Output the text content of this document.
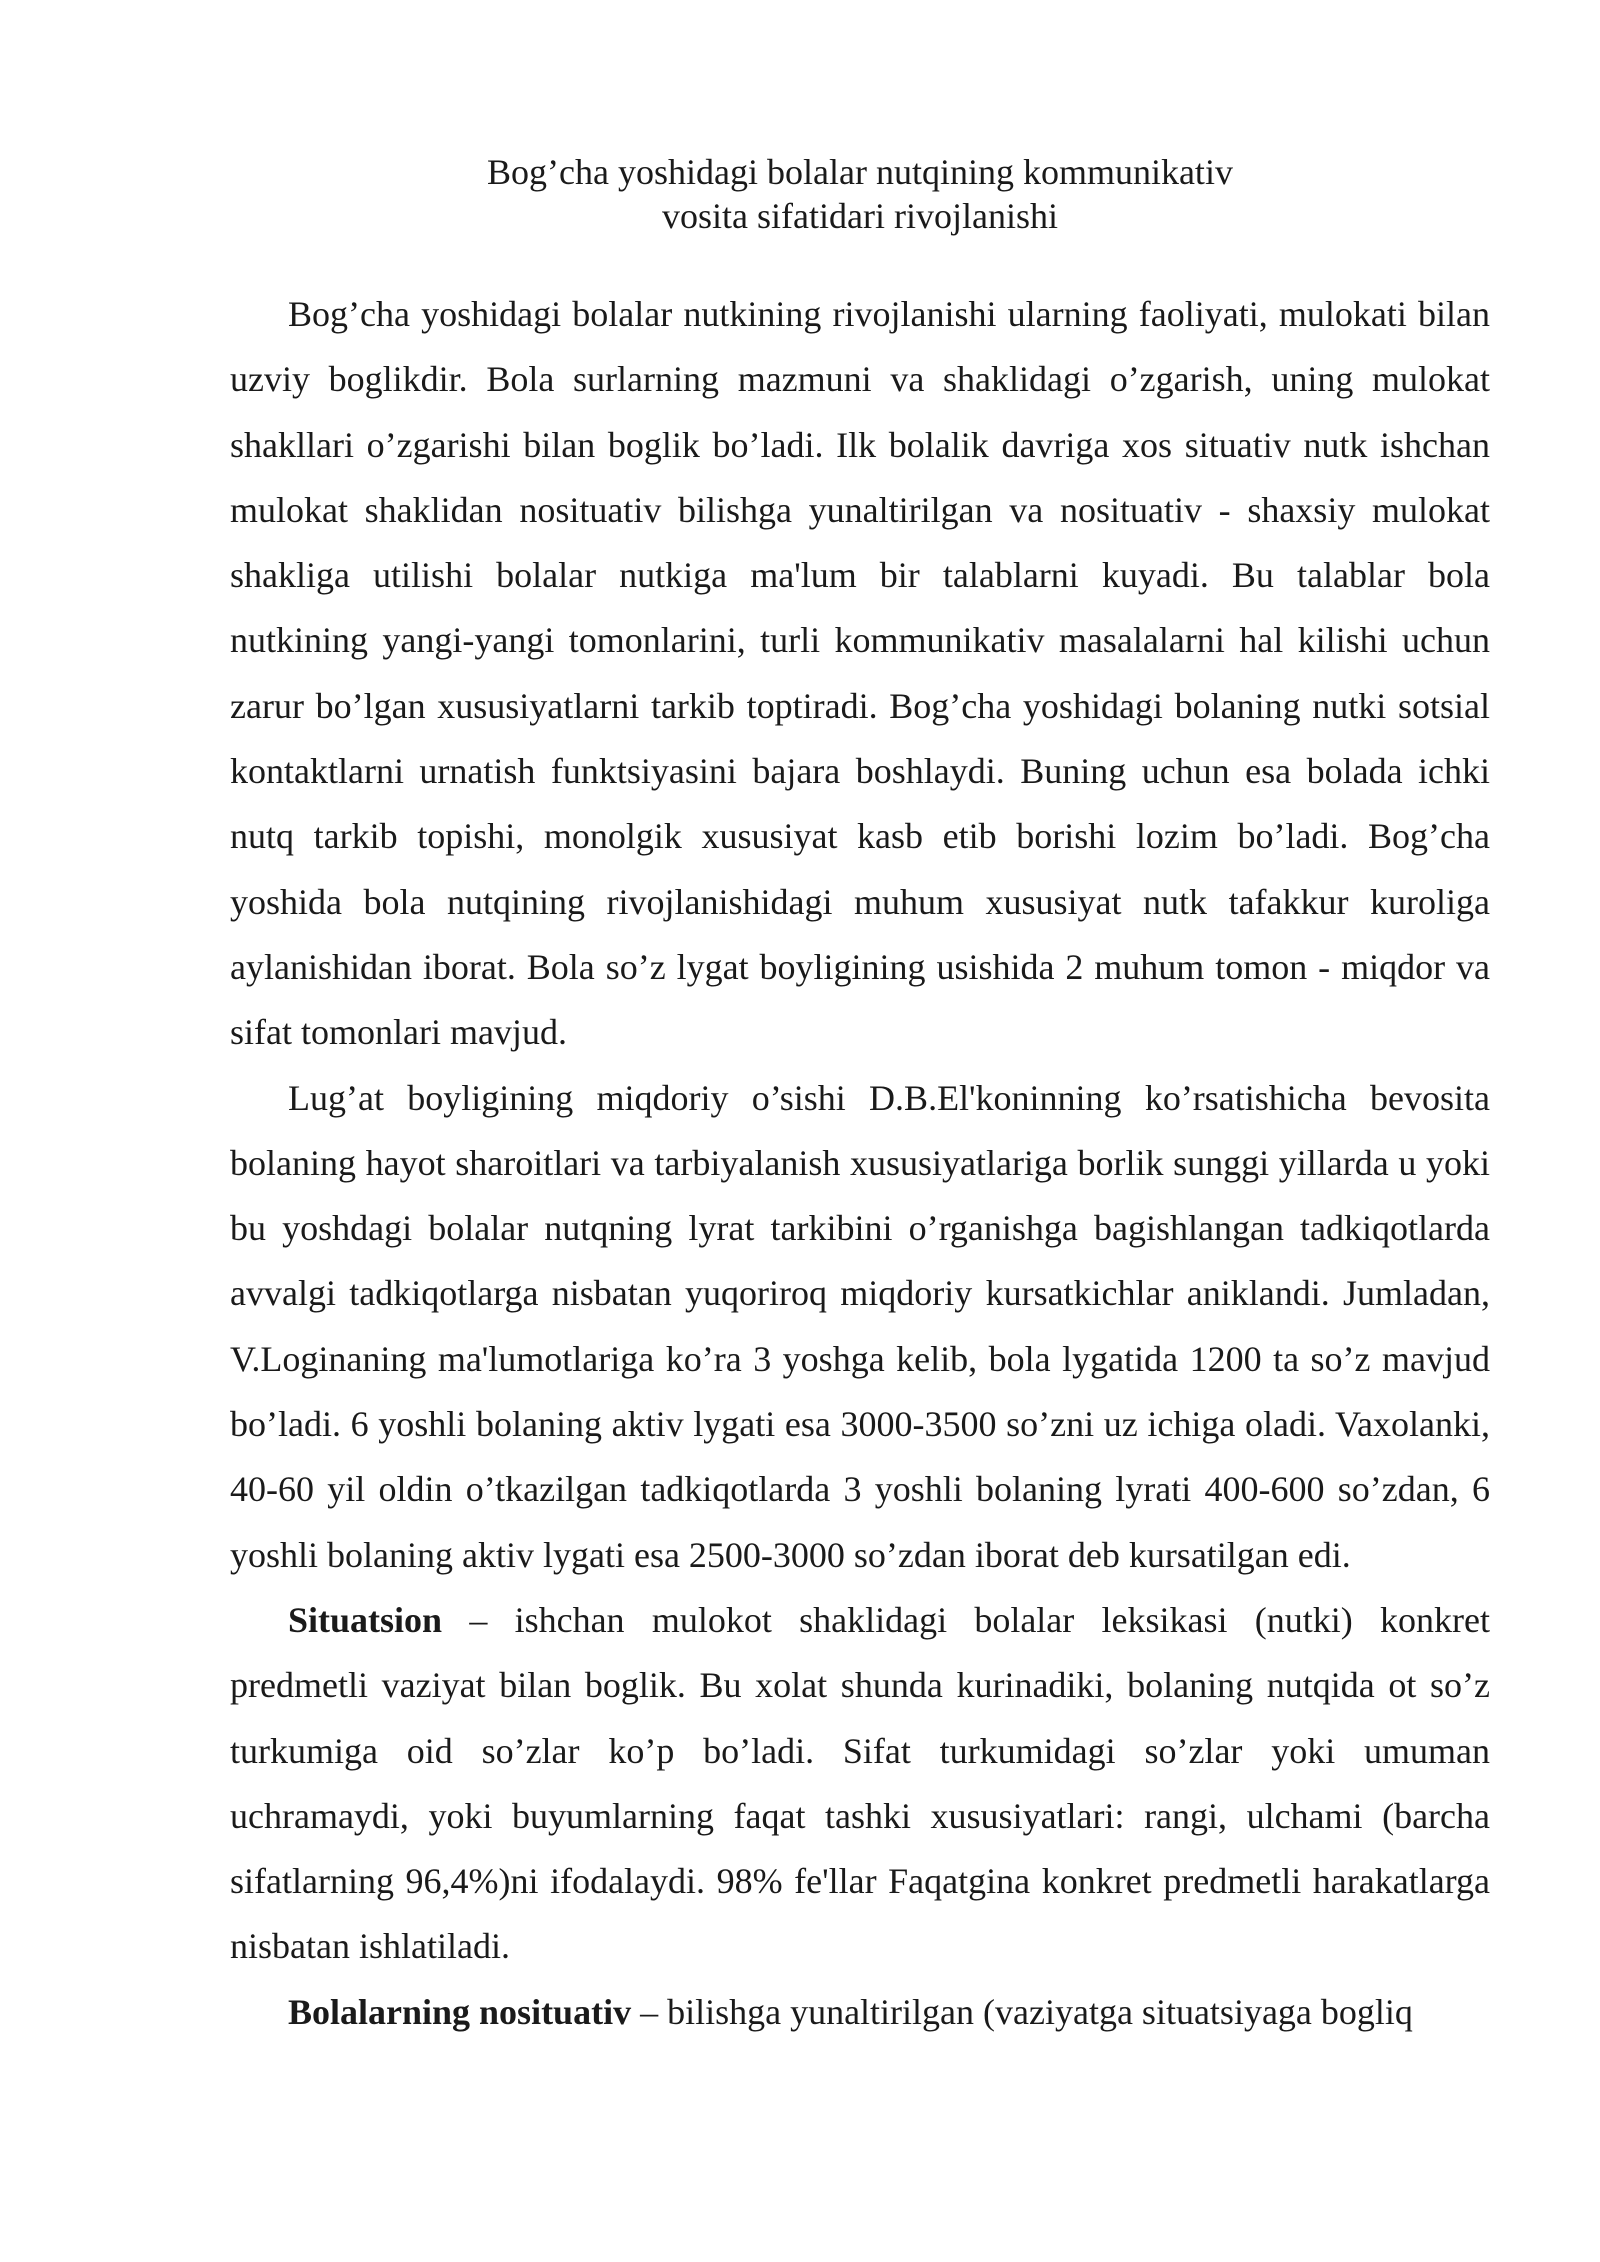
Bog’cha yoshidagi bolalar nutqining kommunikativ
vosita sifatidari rivojlanishi

Bog’cha yoshidagi bolalar nutkining rivojlanishi ularning faoliyati, mulokati bilan uzviy boglikdir. Bola surlarning mazmuni va shaklidagi o’zgarish, uning mulokat shakllari o’zgarishi bilan boglik bo’ladi. Ilk bolalik davriga xos situativ nutk ishchan mulokat shaklidan nosituativ bilishga yunaltirilgan va nosituativ - shaxsiy mulokat shakliga utilishi bolalar nutkiga ma'lum bir talablarni kuyadi. Bu talablar bola nutkining yangi-yangi tomonlarini, turli kommunikativ masalalarni hal kilishi uchun zarur bo’lgan xususiyatlarni tarkib toptiradi. Bog’cha yoshidagi bolaning nutki sotsial kontaktlarni urnatish funktsiyasini bajara boshlaydi. Buning uchun esa bolada ichki nutq tarkib topishi, monolgik xususiyat kasb etib borishi lozim bo’ladi. Bog’cha yoshida bola nutqining rivojlanishidagi muhum xususiyat nutk tafakkur kuroliga aylanishidan iborat. Bola so’z lygat boyligining usishida 2 muhum tomon - miqdor va sifat tomonlari mavjud.

Lug’at boyligining miqdoriy o’sishi D.B.El'koninning ko’rsatishicha bevosita bolaning hayot sharoitlari va tarbiyalanish xususiyatlariga borlik sunggi yillarda u yoki bu yoshdagi bolalar nutqning lyrat tarkibini o’rganishga bagishlangan tadkiqotlarda avvalgi tadkiqotlarga nisbatan yuqoriroq miqdoriy kursatkichlar aniklandi. Jumladan, V.Loginaning ma'lumotlariga ko’ra 3 yoshga kelib, bola lygatida 1200 ta so’z mavjud bo’ladi. 6 yoshli bolaning aktiv lygati esa 3000-3500 so’zni uz ichiga oladi. Vaxolanki, 40-60 yil oldin o’tkazilgan tadkiqotlarda 3 yoshli bolaning lyrati 400-600 so’zdan, 6 yoshli bolaning aktiv lygati esa 2500-3000 so’zdan iborat deb kursatilgan edi.

Situatsion – ishchan mulokot shaklidagi bolalar leksikasi (nutki) konkret predmetli vaziyat bilan boglik. Bu xolat shunda kurinadiki, bolaning nutqida ot so’z turkumiga oid so’zlar ko’p bo’ladi. Sifat turkumidagi so’zlar yoki umuman uchramaydi, yoki buyumlarning faqat tashki xususiyatlari: rangi, ulchami (barcha sifatlarning 96,4%)ni ifodalaydi. 98% fe'llar Faqatgina konkret predmetli harakatlarga nisbatan ishlatiladi.

Bolalarning nosituativ – bilishga yunaltirilgan (vaziyatga situatsiyaga bogliq
